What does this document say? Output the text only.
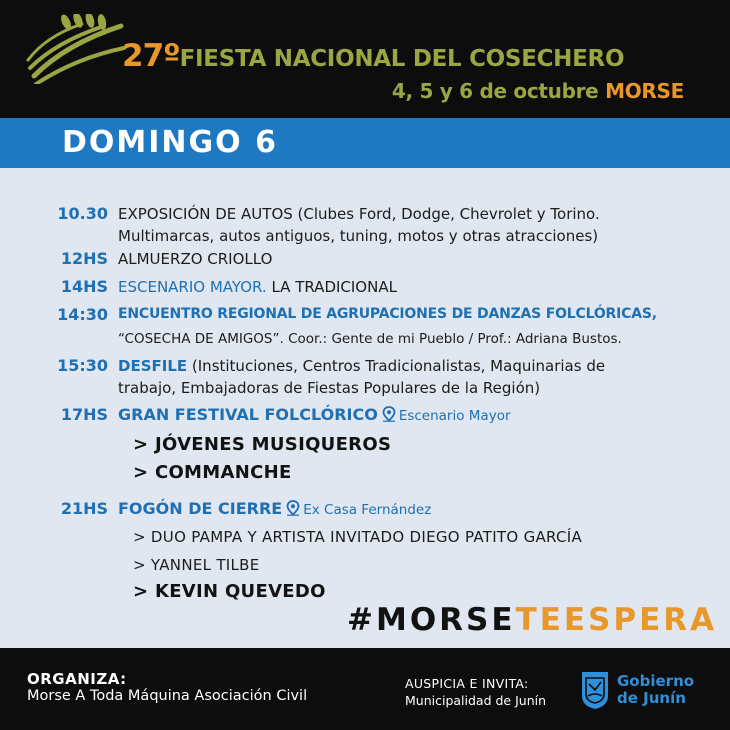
27ºFIESTA NACIONAL DEL COSECHERO
4, 5 y 6 de octubre MORSE
DOMINGO 6
10.30 EXPOSICIÓN DE AUTOS (Clubes Ford, Dodge, Chevrolet y Torino.
Multimarcas, autos antiguos, tuning, motos y otras atracciones)
12HS ALMUERZO CRIOLLO
14HS ESCENARIO MAYOR. LA TRADICIONAL
14:30 ENCUENTRO REGIONAL DE AGRUPACIONES DE DANZAS FOLCLÓRICAS,
“COSECHA DE AMIGOS”. Coor.: Gente de mi Pueblo / Prof.: Adriana Bustos.
15:30 DESFILE (Instituciones, Centros Tradicionalistas, Maquinarias de
trabajo, Embajadoras de Fiestas Populares de la Región)
17HS GRAN FESTIVAL FOLCLÓRICO Escenario Mayor
> JÓVENES MUSIQUEROS
> COMMANCHE
21HS FOGÓN DE CIERRE Ex Casa Fernández
> DUO PAMPA Y ARTISTA INVITADO DIEGO PATITO GARCÍA
> YANNEL TILBE
> KEVIN QUEVEDO
#MORSETEESPERA
ORGANIZA:
Morse A Toda Máquina Asociación Civil
AUSPICIA E INVITA:
Municipalidad de Junín
Gobierno
de Junín
